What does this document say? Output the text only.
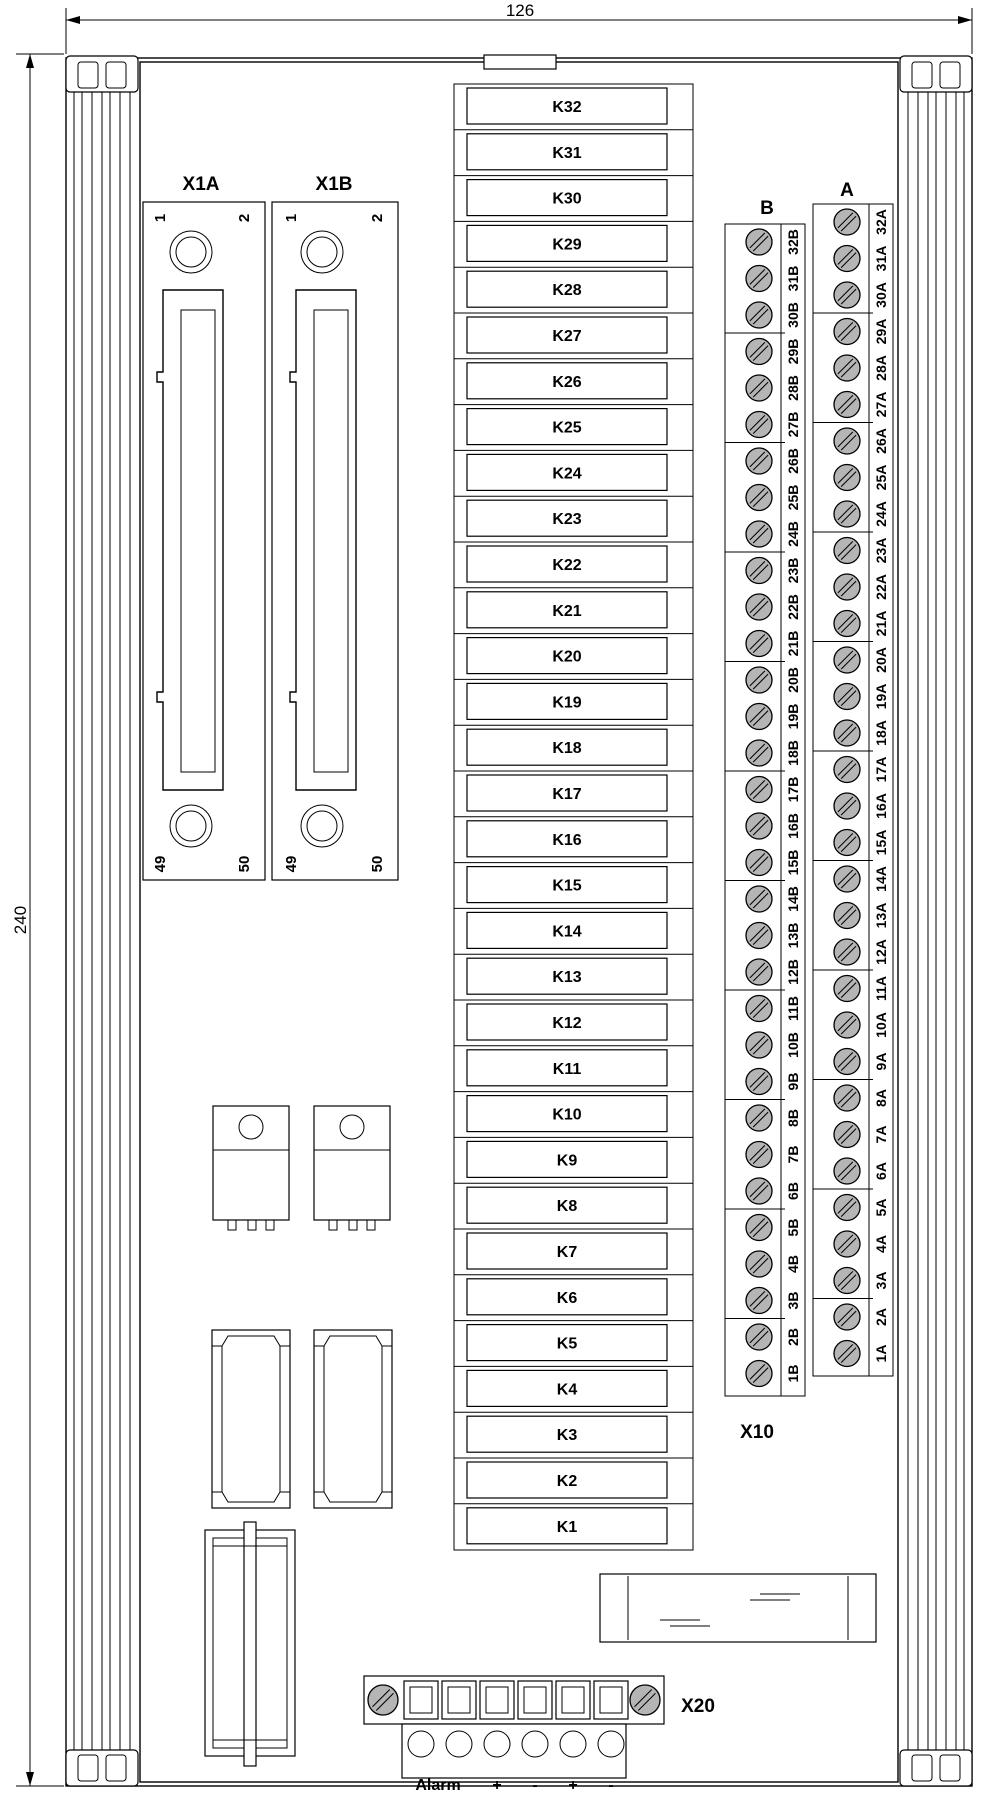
126
240
X1A
1	2
49	50
X1B
1	2
49	50
K32
K31
K30
K29
K28
K27
K26
K25
K24
K23
K22
K21
K20
K19
K18
K17
K16
K15
K14
K13
K12
K11
K10
K9
K8
K7
K6
K5
K4
K3
K2
K1
B
A
32B
31B
30B
29B
28B
27B
26B
25B
24B
23B
22B
21B
20B
19B
18B
17B
16B
15B
14B
13B
12B
11B
10B
9B
8B
7B
6B
5B
4B
3B
2B
1B
32A
31A
30A
29A
28A
27A
26A
25A
24A
23A
22A
21A
20A
19A
18A
17A
16A
15A
14A
13A
12A
11A
10A
9A
8A
7A
6A
5A
4A
3A
2A
1A
X10
X20
Alarm + - + -
